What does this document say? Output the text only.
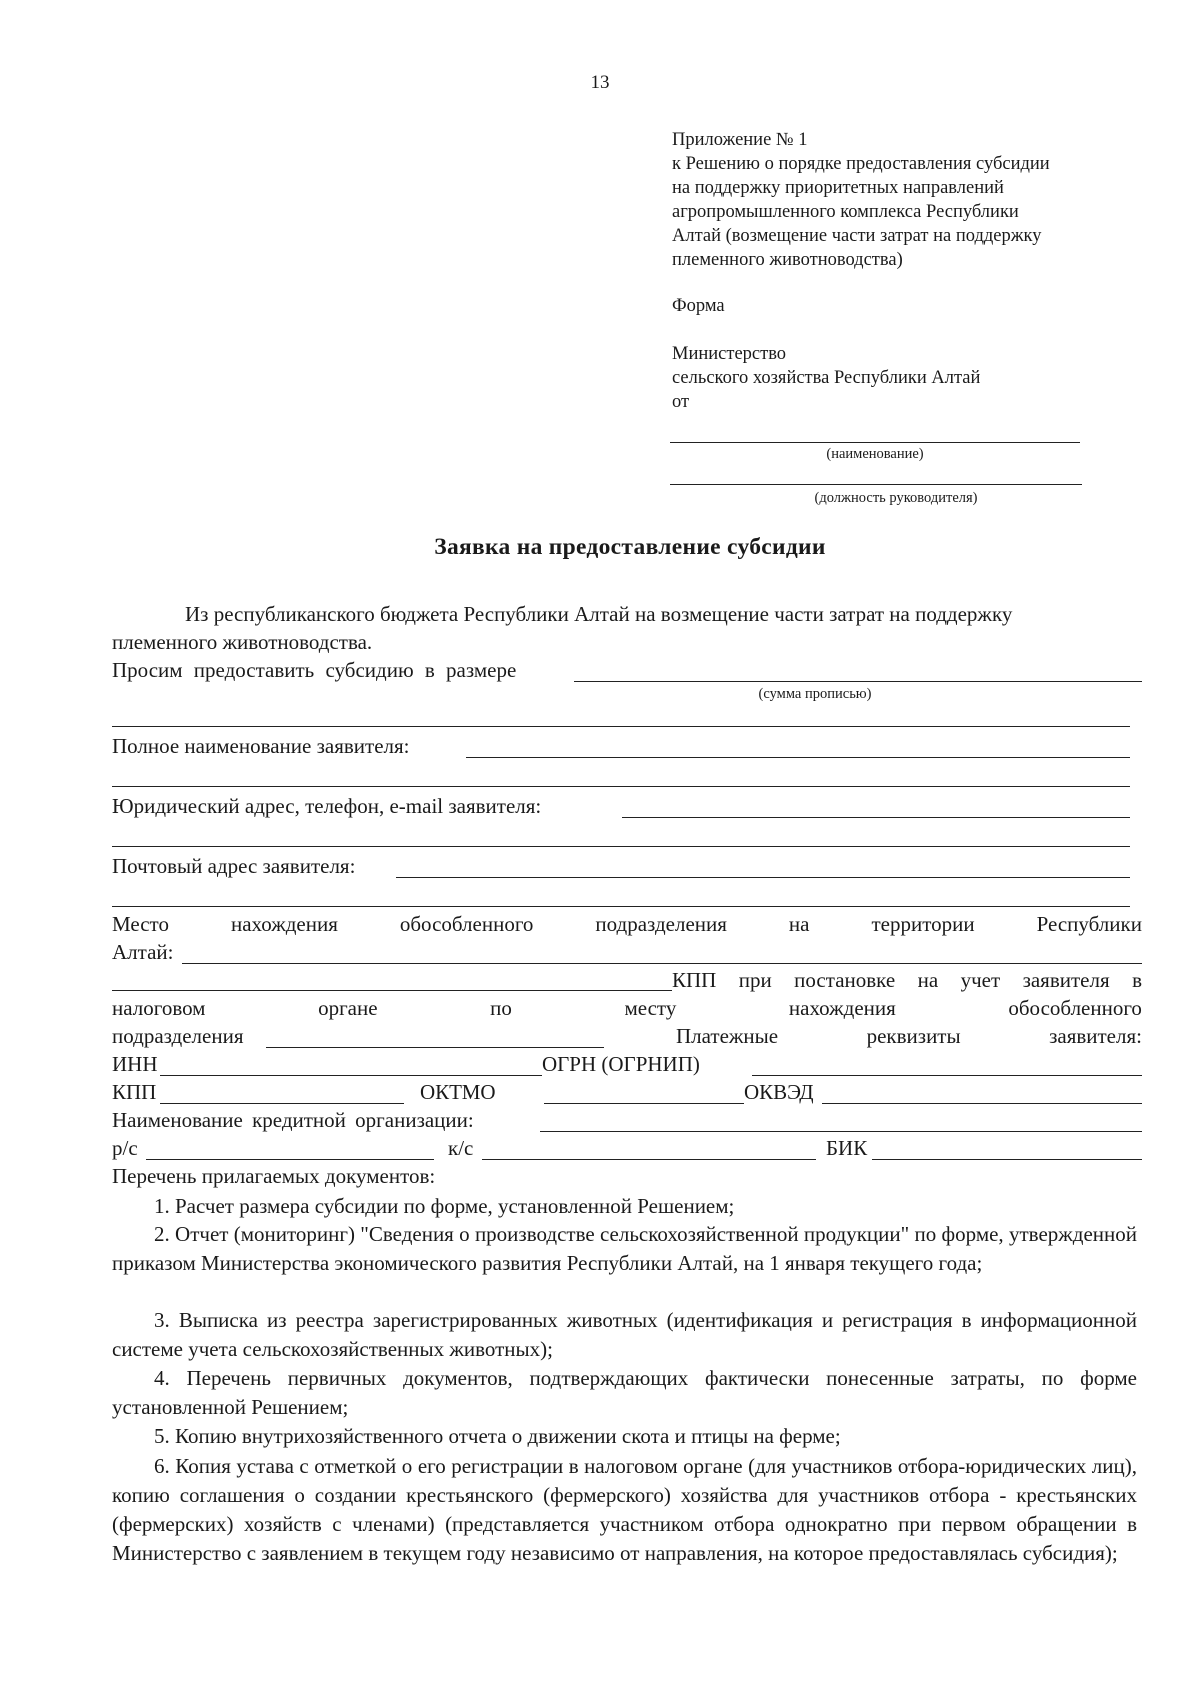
13
Приложение № 1
к Решению о порядке предоставления субсидии
на поддержку приоритетных направлений
агропромышленного комплекса Республики
Алтай (возмещение части затрат на поддержку
племенного животноводства)
Форма
Министерство
сельского хозяйства Республики Алтай
от
(наименование)
(должность руководителя)
Заявка на предоставление субсидии
Из республиканского бюджета Республики Алтай на возмещение части затрат на поддержку
племенного животноводства.
Просим предоставить субсидию в размере
(сумма прописью)
Полное наименование заявителя:
Юридический адрес, телефон, e-mail заявителя:
Почтовый адрес заявителя:
Место	нахождения	обособленного	подразделения	на	территории	Республики
Алтай:
КПП при постановке на учет заявителя в
налоговом	органе	по	месту	нахождения	обособленного
подразделения	Платежные	реквизиты	заявителя:
ИНН	ОГРН (ОГРНИП)
КПП	ОКТМО	ОКВЭД
Наименование кредитной организации:
р/с	к/с	БИК
Перечень прилагаемых документов:
1. Расчет размера субсидии по форме, установленной Решением;
2. Отчет (мониторинг) "Сведения о производстве сельскохозяйственной продукции" по форме, утвержденной приказом Министерства экономического развития Республики Алтай, на 1 января текущего года;
3. Выписка из реестра зарегистрированных животных (идентификация и регистрация в информационной системе учета сельскохозяйственных животных);
4. Перечень первичных документов, подтверждающих фактически понесенные затраты, по форме установленной Решением;
5. Копию внутрихозяйственного отчета о движении скота и птицы на ферме;
6. Копия устава с отметкой о его регистрации в налоговом органе (для участников отбора-юридических лиц), копию соглашения о создании крестьянского (фермерского) хозяйства для участников отбора - крестьянских (фермерских) хозяйств с членами) (представляется участником отбора однократно при первом обращении в Министерство с заявлением в текущем году независимо от направления, на которое предоставлялась субсидия);
